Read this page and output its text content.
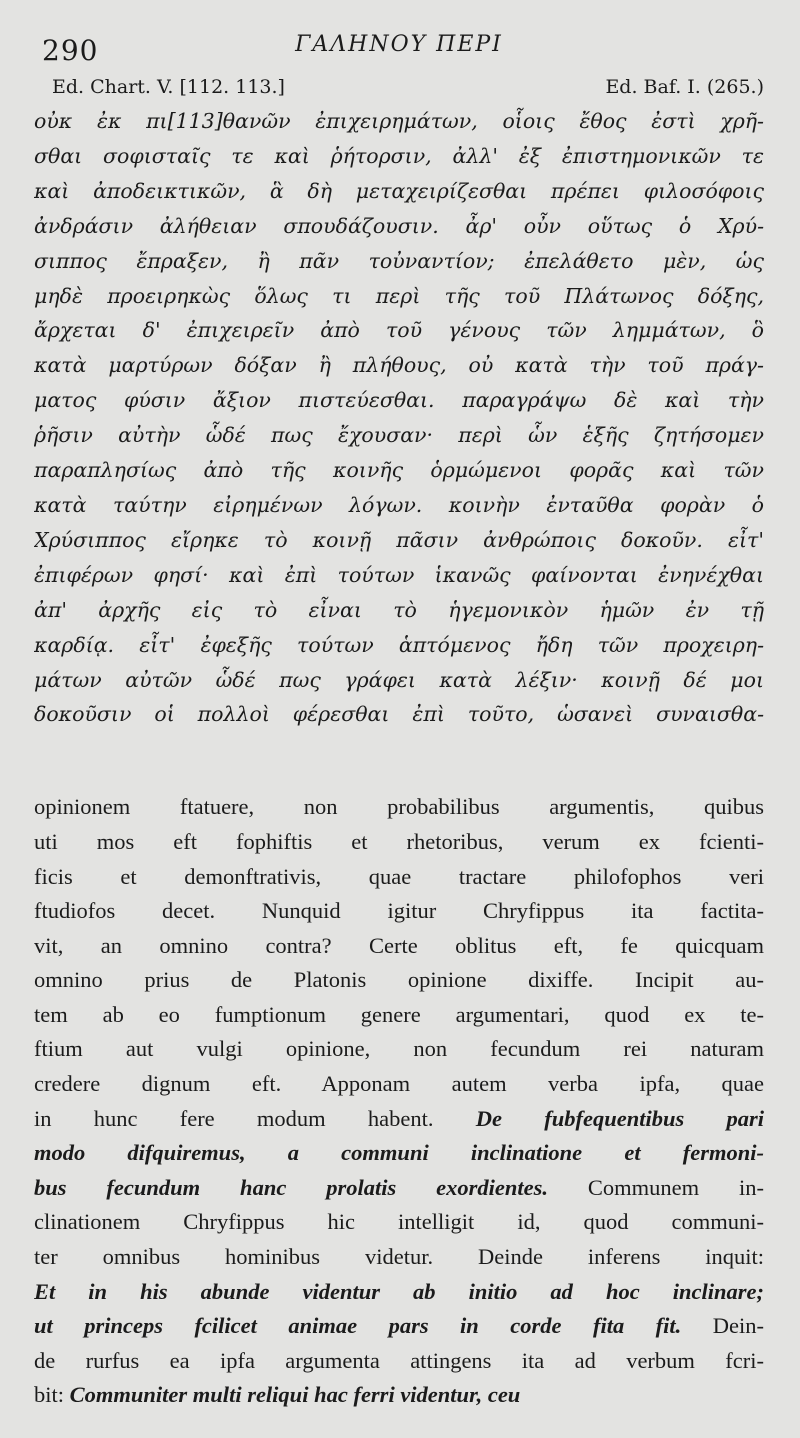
290	ΓΑΛΗΝΟΥ ΠΕΡΙ
Ed. Chart. V. [112. 113.]	Ed. Baf. I. (265.)
οὐκ ἐκ πι[113]θανῶν ἐπιχειρημάτων, οἷοις ἔθος ἐστὶ χρῆ-
σθαι σοφισταῖς τε καὶ ῥήτορσιν, ἀλλ' ἐξ ἐπιστημονικῶν τε
καὶ ἀποδεικτικῶν, ἃ δὴ μεταχειρίζεσθαι πρέπει φιλοσόφοις
ἀνδράσιν ἀλήθειαν σπουδάζουσιν. ἆρ' οὖν οὕτως ὁ Χρύ-
σιππος ἔπραξεν, ἢ πᾶν τοὐναντίον; ἐπελάθετο μὲν, ὡς
μηδὲ προειρηκὼς ὅλως τι περὶ τῆς τοῦ Πλάτωνος δόξης,
ἄρχεται δ' ἐπιχειρεῖν ἀπὸ τοῦ γένους τῶν λημμάτων, ὃ
κατὰ μαρτύρων δόξαν ἢ πλήθους, οὐ κατὰ τὴν τοῦ πράγ-
ματος φύσιν ἄξιον πιστεύεσθαι. παραγράψω δὲ καὶ τὴν
ῥῆσιν αὐτὴν ὧδέ πως ἔχουσαν· περὶ ὧν ἑξῆς ζητήσομεν
παραπλησίως ἀπὸ τῆς κοινῆς ὁρμώμενοι φορᾶς καὶ τῶν
κατὰ ταύτην εἰρημένων λόγων. κοινὴν ἐνταῦθα φορὰν ὁ
Χρύσιππος εἴρηκε τὸ κοινῇ πᾶσιν ἀνθρώποις δοκοῦν. εἶτ'
ἐπιφέρων φησί· καὶ ἐπὶ τούτων ἱκανῶς φαίνονται ἐνηνέχθαι
ἀπ' ἀρχῆς εἰς τὸ εἶναι τὸ ἡγεμονικὸν ἡμῶν ἐν τῇ
καρδίᾳ. εἶτ' ἐφεξῆς τούτων ἁπτόμενος ἤδη τῶν προχειρη-
μάτων αὐτῶν ὧδέ πως γράφει κατὰ λέξιν· κοινῇ δέ μοι
δοκοῦσιν οἱ πολλοὶ φέρεσθαι ἐπὶ τοῦτο, ὡσανεὶ συναισθα-
opinionem ftatuere, non probabilibus argumentis, quibus
uti mos eft fophiftis et rhetoribus, verum ex fcienti-
ficis et demonftrativis, quae tractare philofophos veri
ftudiofos decet. Nunquid igitur Chryfippus ita factita-
vit, an omnino contra? Certe oblitus eft, fe quicquam
omnino prius de Platonis opinione dixiffe. Incipit au-
tem ab eo fumptionum genere argumentari, quod ex te-
ftium aut vulgi opinione, non fecundum rei naturam
credere dignum eft. Apponam autem verba ipfa, quae
in hunc fere modum habent. De fubfequentibus pari
modo difquiremus, a communi inclinatione et fermoni-
bus fecundum hanc prolatis exordientes. Communem in-
clinationem Chryfippus hic intelligit id, quod communi-
ter omnibus hominibus videtur. Deinde inferens inquit:
Et in his abunde videntur ab initio ad hoc inclinare;
ut princeps fcilicet animae pars in corde fita fit. Dein-
de rurfus ea ipfa argumenta attingens ita ad verbum fcri-
bit: Communiter multi reliqui hac ferri videntur, ceu
